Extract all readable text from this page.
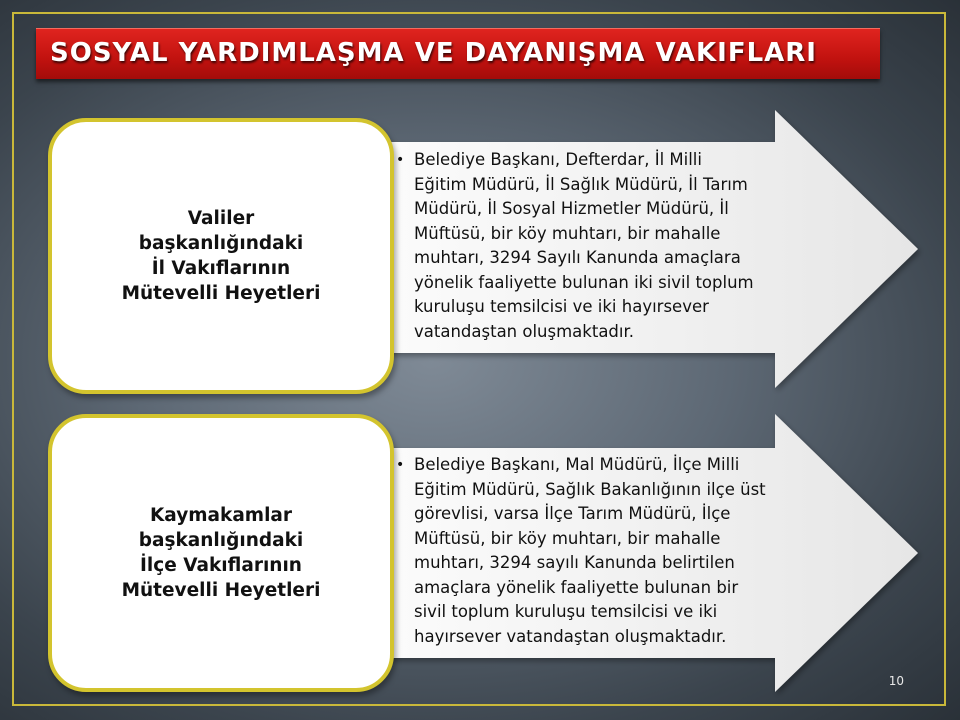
SOSYAL YARDIMLAŞMA VE DAYANIŞMA VAKIFLARI
Valiler
başkanlığındaki
İl Vakıflarının
Mütevelli Heyetleri
Kaymakamlar
başkanlığındaki
İlçe Vakıflarının
Mütevelli Heyetleri
• Belediye Başkanı, Defterdar, İl Milli
Eğitim Müdürü, İl Sağlık Müdürü, İl Tarım
Müdürü, İl Sosyal Hizmetler Müdürü, İl
Müftüsü, bir köy muhtarı, bir mahalle
muhtarı, 3294 Sayılı Kanunda amaçlara
yönelik faaliyette bulunan iki sivil toplum
kuruluşu temsilcisi ve iki hayırsever
vatandaştan oluşmaktadır.
• Belediye Başkanı, Mal Müdürü, İlçe Milli
Eğitim Müdürü, Sağlık Bakanlığının ilçe üst
görevlisi, varsa İlçe Tarım Müdürü, İlçe
Müftüsü, bir köy muhtarı, bir mahalle
muhtarı, 3294 sayılı Kanunda belirtilen
amaçlara yönelik faaliyette bulunan bir
sivil toplum kuruluşu temsilcisi ve iki
hayırsever vatandaştan oluşmaktadır.
10
